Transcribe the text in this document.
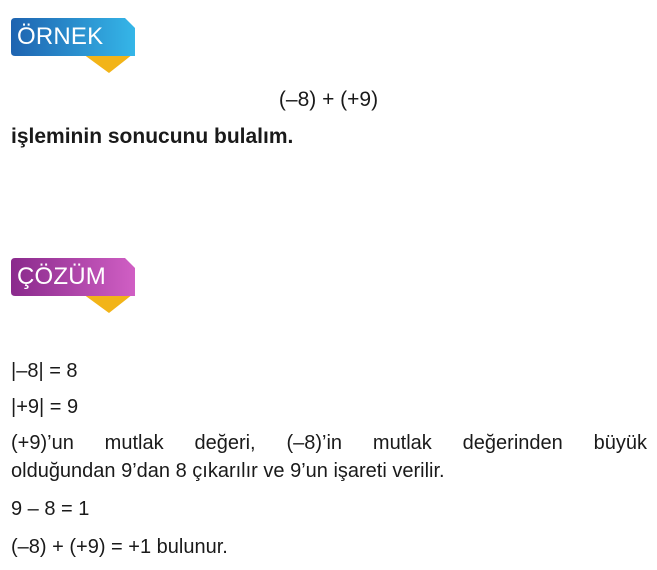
ÖRNEK
(–8) + (+9)
işleminin sonucunu bulalım.
ÇÖZÜM
|–8| = 8
|+9| = 9
(+9)’un mutlak değeri, (–8)’in mutlak değerinden büyük
olduğundan 9’dan 8 çıkarılır ve 9’un işareti verilir.
9 – 8 = 1
(–8) + (+9) = +1 bulunur.
